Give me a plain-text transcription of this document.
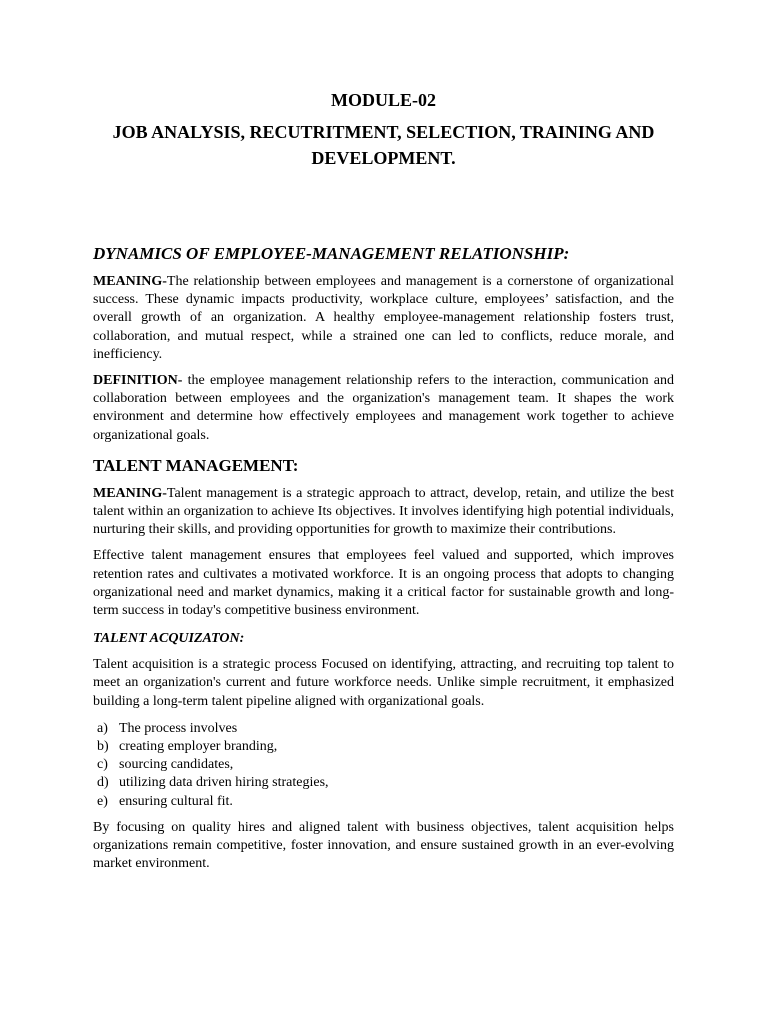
MODULE-02
JOB ANALYSIS, RECUTRITMENT, SELECTION, TRAINING AND DEVELOPMENT.
DYNAMICS OF EMPLOYEE-MANAGEMENT RELATIONSHIP:

MEANING-The relationship between employees and management is a cornerstone of organizational success. These dynamic impacts productivity, workplace culture, employees’ satisfaction, and the overall growth of an organization. A healthy employee-management relationship fosters trust, collaboration, and mutual respect, while a strained one can led to conflicts, reduce morale, and inefficiency.

DEFINITION- the employee management relationship refers to the interaction, communication and collaboration between employees and the organization's management team. It shapes the work environment and determine how effectively employees and management work together to achieve organizational goals.

TALENT MANAGEMENT:

MEANING-Talent management is a strategic approach to attract, develop, retain, and utilize the best talent within an organization to achieve Its objectives. It involves identifying high potential individuals, nurturing their skills, and providing opportunities for growth to maximize their contributions.

Effective talent management ensures that employees feel valued and supported, which improves retention rates and cultivates a motivated workforce. It is an ongoing process that adopts to changing organizational need and market dynamics, making it a critical factor for sustainable growth and long-term success in today's competitive business environment.

TALENT ACQUIZATON:

Talent acquisition is a strategic process Focused on identifying, attracting, and recruiting top talent to meet an organization's current and future workforce needs. Unlike simple recruitment, it emphasized building a long-term talent pipeline aligned with organizational goals.

a) The process involves
b) creating employer branding,
c) sourcing candidates,
d) utilizing data driven hiring strategies,
e) ensuring cultural fit.

By focusing on quality hires and aligned talent with business objectives, talent acquisition helps organizations remain competitive, foster innovation, and ensure sustained growth in an ever-evolving market environment.
